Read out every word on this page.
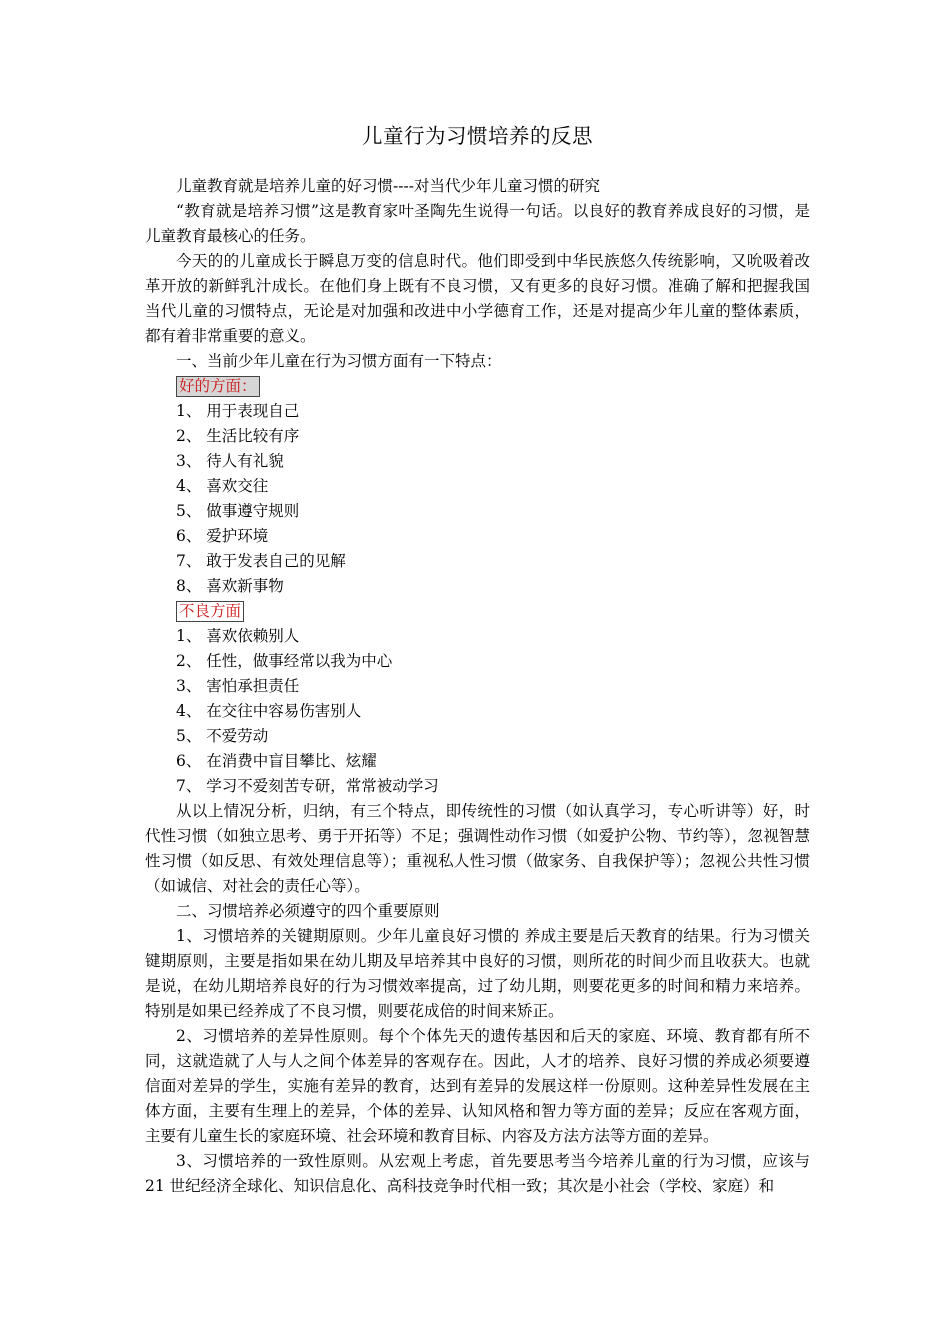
儿童行为习惯培养的反思

儿童教育就是培养儿童的好习惯----对当代少年儿童习惯的研究

“教育就是培养习惯”这是教育家叶圣陶先生说得一句话。以良好的教育养成良好的习惯，是儿童教育最核心的任务。

今天的的儿童成长于瞬息万变的信息时代。他们即受到中华民族悠久传统影响，又吮吸着改革开放的新鲜乳汁成长。在他们身上既有不良习惯，又有更多的良好习惯。准确了解和把握我国当代儿童的习惯特点，无论是对加强和改进中小学德育工作，还是对提高少年儿童的整体素质，都有着非常重要的意义。

一、当前少年儿童在行为习惯方面有一下特点：

好的方面：

1、 用于表现自己

2、 生活比较有序

3、 待人有礼貌

4、 喜欢交往

5、 做事遵守规则

6、 爱护环境

7、 敢于发表自己的见解

8、 喜欢新事物

不良方面

1、 喜欢依赖别人

2、 任性，做事经常以我为中心

3、 害怕承担责任

4、 在交往中容易伤害别人

5、 不爱劳动

6、 在消费中盲目攀比、炫耀

7、 学习不爱刻苦专研，常常被动学习

从以上情况分析，归纳，有三个特点，即传统性的习惯（如认真学习，专心听讲等）好，时代性习惯（如独立思考、勇于开拓等）不足；强调性动作习惯（如爱护公物、节约等），忽视智慧性习惯（如反思、有效处理信息等）；重视私人性习惯（做家务、自我保护等）；忽视公共性习惯（如诚信、对社会的责任心等）。

二、习惯培养必须遵守的四个重要原则

1、习惯培养的关键期原则。少年儿童良好习惯的 养成主要是后天教育的结果。行为习惯关键期原则，主要是指如果在幼儿期及早培养其中良好的习惯，则所花的时间少而且收获大。也就是说，在幼儿期培养良好的行为习惯效率提高，过了幼儿期，则要花更多的时间和精力来培养。特别是如果已经养成了不良习惯，则要花成倍的时间来矫正。

2、习惯培养的差异性原则。每个个体先天的遗传基因和后天的家庭、环境、教育都有所不同，这就造就了人与人之间个体差异的客观存在。因此，人才的培养、良好习惯的养成必须要遵信面对差异的学生，实施有差异的教育，达到有差异的发展这样一份原则。这种差异性发展在主体方面，主要有生理上的差异，个体的差异、认知风格和智力等方面的差异；反应在客观方面，主要有儿童生长的家庭环境、社会环境和教育目标、内容及方法方法等方面的差异。

3、习惯培养的一致性原则。从宏观上考虑，首先要思考当今培养儿童的行为习惯，应该与 21 世纪经济全球化、知识信息化、高科技竞争时代相一致；其次是小社会（学校、家庭）和
